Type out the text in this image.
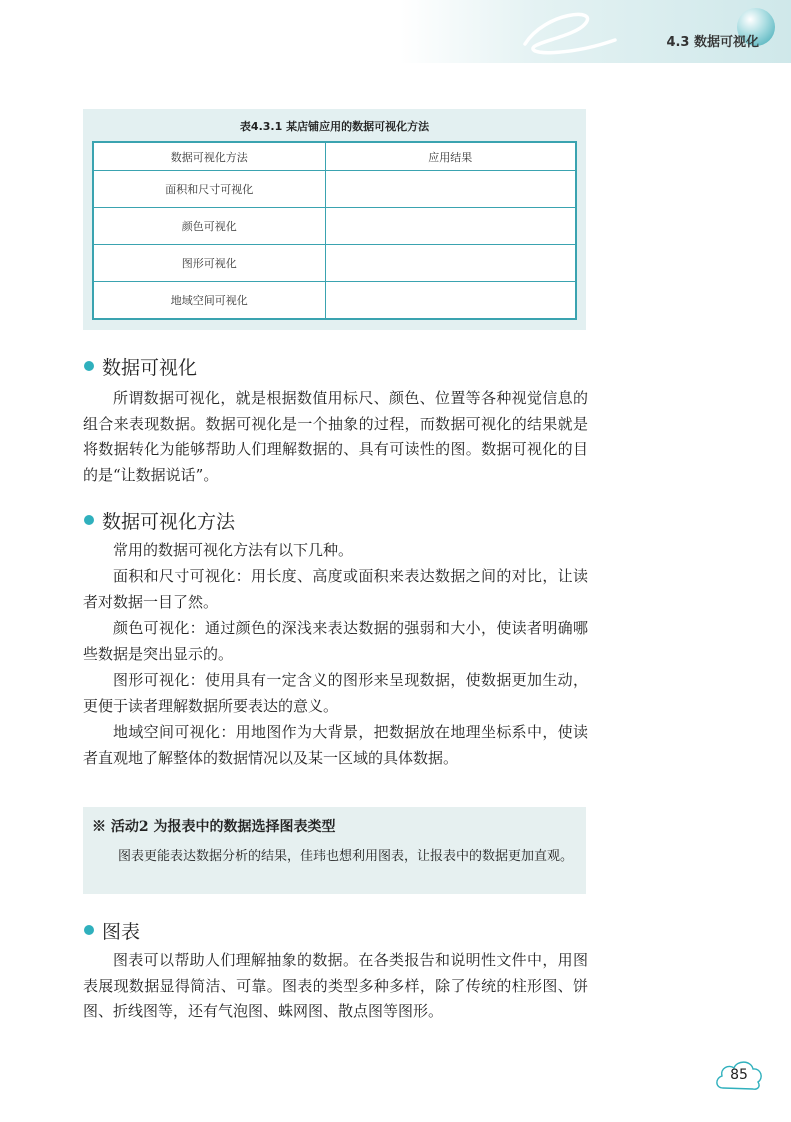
4.3 数据可视化
表4.3.1 某店铺应用的数据可视化方法
数据可视化方法	应用结果
面积和尺寸可视化	
颜色可视化	
图形可视化	
地域空间可视化	
数据可视化

所谓数据可视化，就是根据数值用标尺、颜色、位置等各种视觉信息的组合来表现数据。数据可视化是一个抽象的过程，而数据可视化的结果就是将数据转化为能够帮助人们理解数据的、具有可读性的图。数据可视化的目的是“让数据说话”。

数据可视化方法

常用的数据可视化方法有以下几种。

面积和尺寸可视化：用长度、高度或面积来表达数据之间的对比，让读者对数据一目了然。

颜色可视化：通过颜色的深浅来表达数据的强弱和大小，使读者明确哪些数据是突出显示的。

图形可视化：使用具有一定含义的图形来呈现数据，使数据更加生动，更便于读者理解数据所要表达的意义。

地域空间可视化：用地图作为大背景，把数据放在地理坐标系中，使读者直观地了解整体的数据情况以及某一区域的具体数据。

※ 活动2 为报表中的数据选择图表类型

图表更能表达数据分析的结果，佳玮也想利用图表，让报表中的数据更加直观。

图表

图表可以帮助人们理解抽象的数据。在各类报告和说明性文件中，用图表展现数据显得简洁、可靠。图表的类型多种多样，除了传统的柱形图、饼图、折线图等，还有气泡图、蛛网图、散点图等图形。

85
